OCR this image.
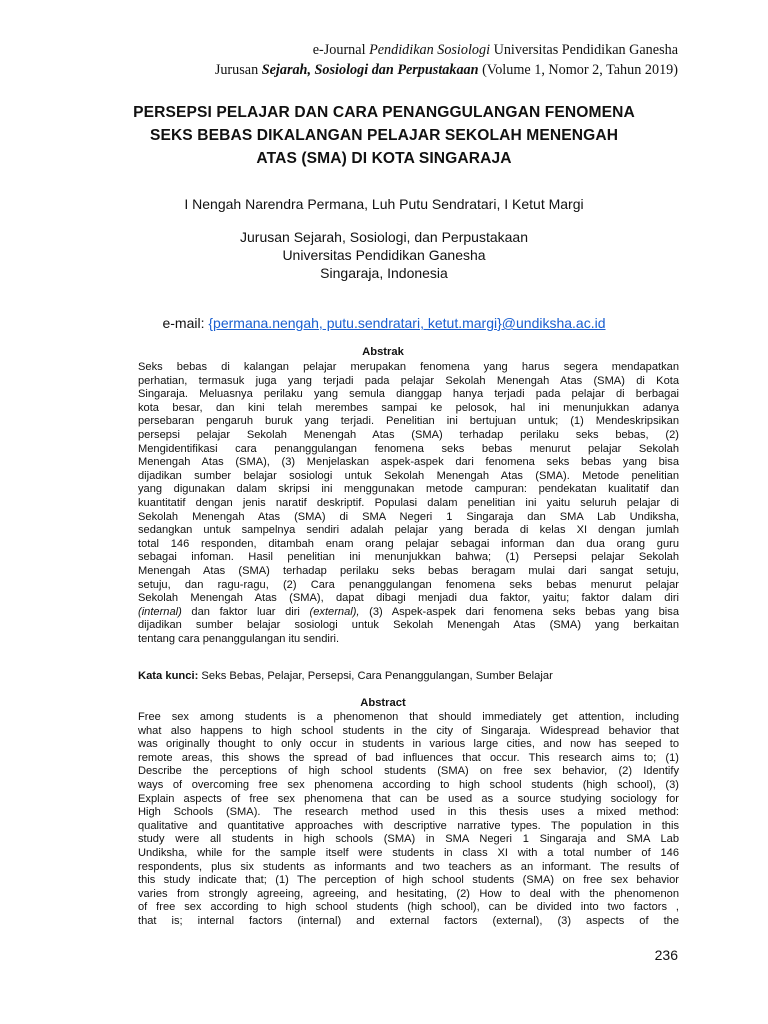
e-Journal Pendidikan Sosiologi Universitas Pendidikan Ganesha
Jurusan Sejarah, Sosiologi dan Perpustakaan (Volume 1, Nomor 2, Tahun 2019)
PERSEPSI PELAJAR DAN CARA PENANGGULANGAN FENOMENA
SEKS BEBAS DIKALANGAN PELAJAR SEKOLAH MENENGAH
ATAS (SMA) DI KOTA SINGARAJA
I Nengah Narendra Permana, Luh Putu Sendratari, I Ketut Margi
Jurusan Sejarah, Sosiologi, dan Perpustakaan
Universitas Pendidikan Ganesha
Singaraja, Indonesia
e-mail: {permana.nengah, putu.sendratari, ketut.margi}@undiksha.ac.id
Abstrak
Seks bebas di kalangan pelajar merupakan fenomena yang harus segera mendapatkan
perhatian, termasuk juga yang terjadi pada pelajar Sekolah Menengah Atas (SMA) di Kota
Singaraja. Meluasnya perilaku yang semula dianggap hanya terjadi pada pelajar di berbagai
kota besar, dan kini telah merembes sampai ke pelosok, hal ini menunjukkan adanya
persebaran pengaruh buruk yang terjadi. Penelitian ini bertujuan untuk; (1) Mendeskripsikan
persepsi pelajar Sekolah Menengah Atas (SMA) terhadap perilaku seks bebas, (2)
Mengidentifikasi cara penanggulangan fenomena seks bebas menurut pelajar Sekolah
Menengah Atas (SMA), (3) Menjelaskan aspek-aspek dari fenomena seks bebas yang bisa
dijadikan sumber belajar sosiologi untuk Sekolah Menengah Atas (SMA). Metode penelitian
yang digunakan dalam skripsi ini menggunakan metode campuran: pendekatan kualitatif dan
kuantitatif dengan jenis naratif deskriptif. Populasi dalam penelitian ini yaitu seluruh pelajar di
Sekolah Menengah Atas (SMA) di SMA Negeri 1 Singaraja dan SMA Lab Undiksha,
sedangkan untuk sampelnya sendiri adalah pelajar yang berada di kelas XI dengan jumlah
total 146 responden, ditambah enam orang pelajar sebagai informan dan dua orang guru
sebagai infoman. Hasil penelitian ini menunjukkan bahwa; (1) Persepsi pelajar Sekolah
Menengah Atas (SMA) terhadap perilaku seks bebas beragam mulai dari sangat setuju,
setuju, dan ragu-ragu, (2) Cara penanggulangan fenomena seks bebas menurut pelajar
Sekolah Menengah Atas (SMA), dapat dibagi menjadi dua faktor, yaitu; faktor dalam diri
(internal) dan faktor luar diri (external), (3) Aspek-aspek dari fenomena seks bebas yang bisa
dijadikan sumber belajar sosiologi untuk Sekolah Menengah Atas (SMA) yang berkaitan
tentang cara penanggulangan itu sendiri.
Kata kunci: Seks Bebas, Pelajar, Persepsi, Cara Penanggulangan, Sumber Belajar
Abstract
Free sex among students is a phenomenon that should immediately get attention, including
what also happens to high school students in the city of Singaraja. Widespread behavior that
was originally thought to only occur in students in various large cities, and now has seeped to
remote areas, this shows the spread of bad influences that occur. This research aims to; (1)
Describe the perceptions of high school students (SMA) on free sex behavior, (2) Identify
ways of overcoming free sex phenomena according to high school students (high school), (3)
Explain aspects of free sex phenomena that can be used as a source studying sociology for
High Schools (SMA). The research method used in this thesis uses a mixed method:
qualitative and quantitative approaches with descriptive narrative types. The population in this
study were all students in high schools (SMA) in SMA Negeri 1 Singaraja and SMA Lab
Undiksha, while for the sample itself were students in class XI with a total number of 146
respondents, plus six students as informants and two teachers as an informant. The results of
this study indicate that; (1) The perception of high school students (SMA) on free sex behavior
varies from strongly agreeing, agreeing, and hesitating, (2) How to deal with the phenomenon
of free sex according to high school students (high school), can be divided into two factors ,
that is; internal factors (internal) and external factors (external), (3) aspects of the
236
